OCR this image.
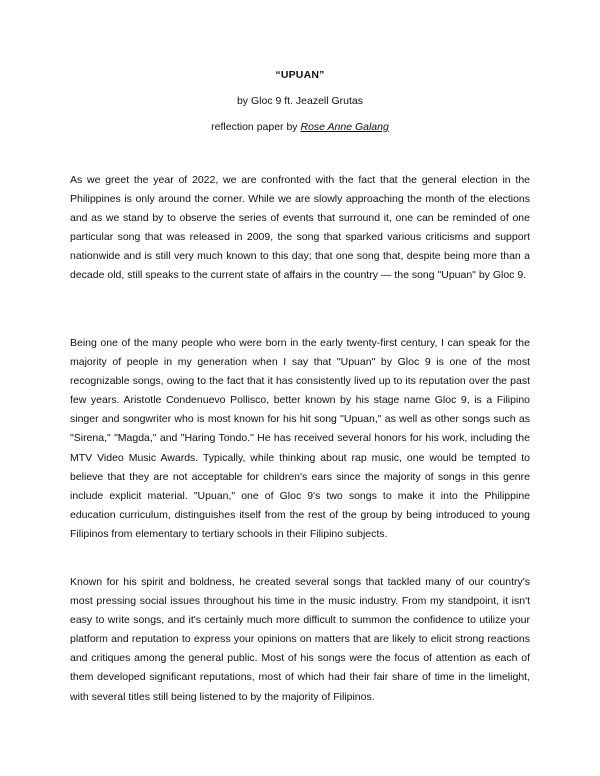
“UPUAN”
by Gloc 9 ft. Jeazell Grutas
reflection paper by Rose Anne Galang

As we greet the year of 2022, we are confronted with the fact that the general election in the Philippines is only around the corner. While we are slowly approaching the month of the elections and as we stand by to observe the series of events that surround it, one can be reminded of one particular song that was released in 2009, the song that sparked various criticisms and support nationwide and is still very much known to this day; that one song that, despite being more than a decade old, still speaks to the current state of affairs in the country — the song "Upuan" by Gloc 9.

Being one of the many people who were born in the early twenty-first century, I can speak for the majority of people in my generation when I say that "Upuan" by Gloc 9 is one of the most recognizable songs, owing to the fact that it has consistently lived up to its reputation over the past few years. Aristotle Condenuevo Pollisco, better known by his stage name Gloc 9, is a Filipino singer and songwriter who is most known for his hit song "Upuan," as well as other songs such as "Sirena," "Magda," and "Haring Tondo." He has received several honors for his work, including the MTV Video Music Awards. Typically, while thinking about rap music, one would be tempted to believe that they are not acceptable for children's ears since the majority of songs in this genre include explicit material. "Upuan," one of Gloc 9's two songs to make it into the Philippine education curriculum, distinguishes itself from the rest of the group by being introduced to young Filipinos from elementary to tertiary schools in their Filipino subjects.

Known for his spirit and boldness, he created several songs that tackled many of our country's most pressing social issues throughout his time in the music industry. From my standpoint, it isn't easy to write songs, and it's certainly much more difficult to summon the confidence to utilize your platform and reputation to express your opinions on matters that are likely to elicit strong reactions and critiques among the general public. Most of his songs were the focus of attention as each of them developed significant reputations, most of which had their fair share of time in the limelight, with several titles still being listened to by the majority of Filipinos.
